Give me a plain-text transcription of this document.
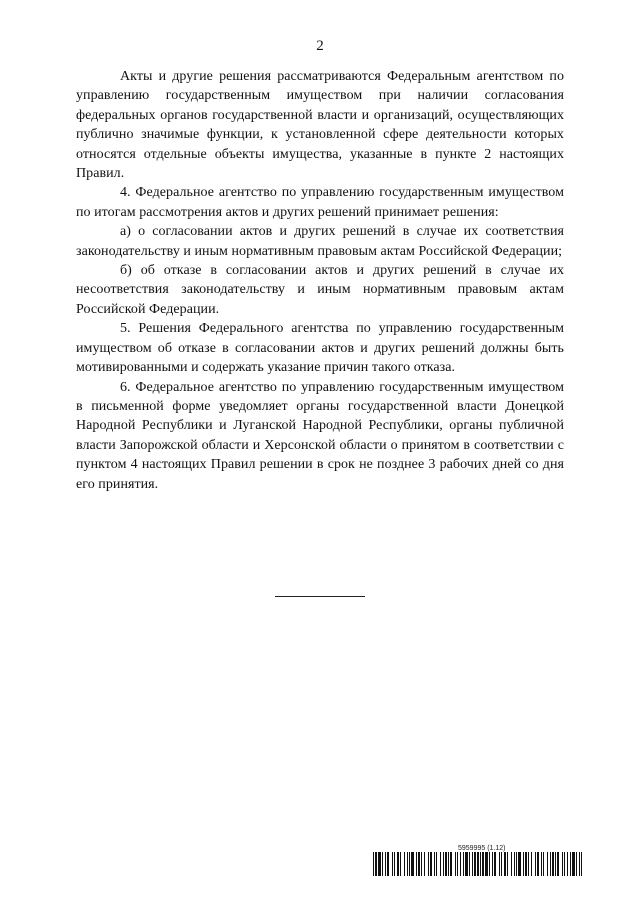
2

Акты и другие решения рассматриваются Федеральным агентством по управлению государственным имуществом при наличии согласования федеральных органов государственной власти и организаций, осуществляющих публично значимые функции, к установленной сфере деятельности которых относятся отдельные объекты имущества, указанные в пункте 2 настоящих Правил.

4. Федеральное агентство по управлению государственным имуществом по итогам рассмотрения актов и других решений принимает решения:

а) о согласовании актов и других решений в случае их соответствия законодательству и иным нормативным правовым актам Российской Федерации;

б) об отказе в согласовании актов и других решений в случае их несоответствия законодательству и иным нормативным правовым актам Российской Федерации.

5. Решения Федерального агентства по управлению государственным имуществом об отказе в согласовании актов и других решений должны быть мотивированными и содержать указание причин такого отказа.

6. Федеральное агентство по управлению государственным имуществом в письменной форме уведомляет органы государственной власти Донецкой Народной Республики и Луганской Народной Республики, органы публичной власти Запорожской области и Херсонской области о принятом в соответствии с пунктом 4 настоящих Правил решении в срок не позднее 3 рабочих дней со дня его принятия.

5959995 (1.12)
